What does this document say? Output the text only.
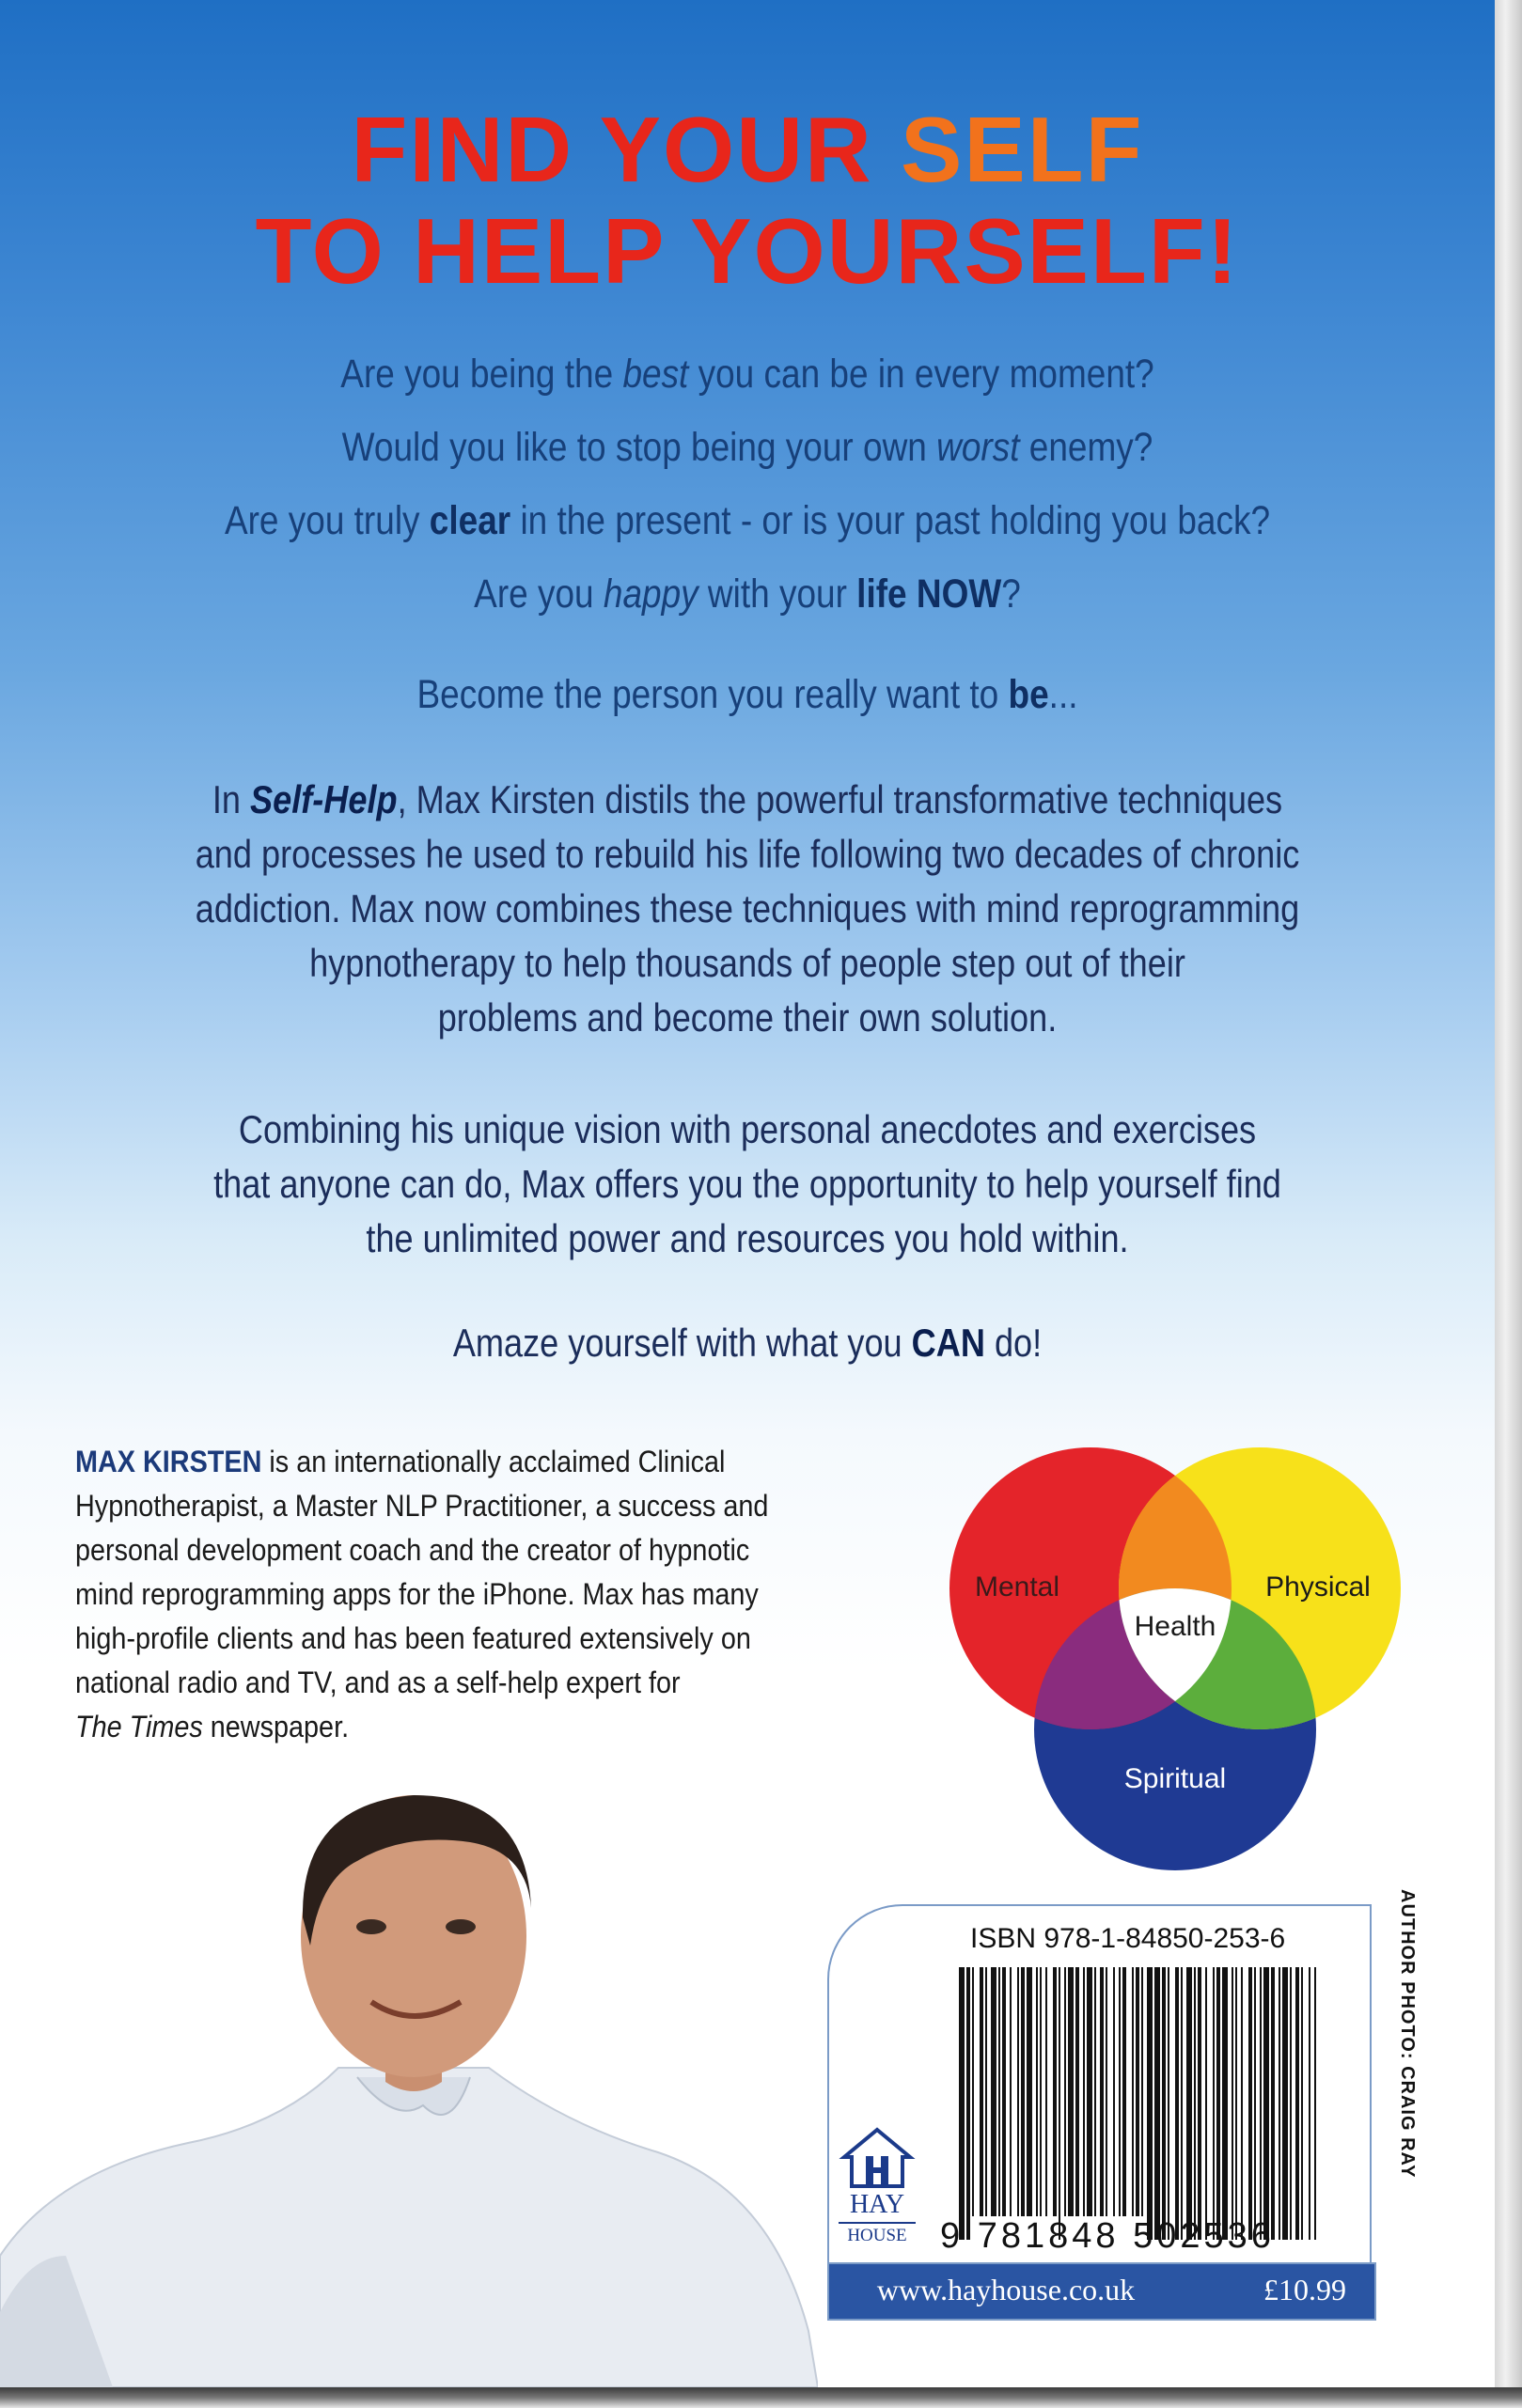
FIND YOUR SELF
TO HELP YOURSELF!
Are you being the best you can be in every moment?
Would you like to stop being your own worst enemy?
Are you truly clear in the present - or is your past holding you back?
Are you happy with your life NOW?
Become the person you really want to be...
In Self-Help, Max Kirsten distils the powerful transformative techniques
and processes he used to rebuild his life following two decades of chronic
addiction. Max now combines these techniques with mind reprogramming
hypnotherapy to help thousands of people step out of their
problems and become their own solution.
Combining his unique vision with personal anecdotes and exercises
that anyone can do, Max offers you the opportunity to help yourself find
the unlimited power and resources you hold within.
Amaze yourself with what you CAN do!
MAX KIRSTEN is an internationally acclaimed Clinical
Hypnotherapist, a Master NLP Practitioner, a success and
personal development coach and the creator of hypnotic
mind reprogramming apps for the iPhone. Max has many
high-profile clients and has been featured extensively on
national radio and TV, and as a self-help expert for
The Times newspaper.
Mental	Physical
Health
Spiritual
ISBN 978-1-84850-253-6
9 781848 502536
HAY
HOUSE
www.hayhouse.co.uk	£10.99
AUTHOR PHOTO: CRAIG RAY
